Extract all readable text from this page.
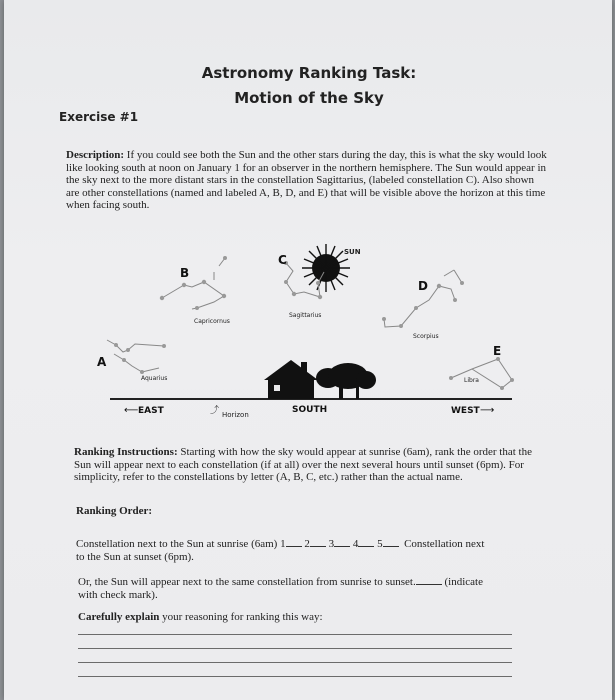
Astronomy Ranking Task:
Motion of the Sky
Exercise #1
Description: If you could see both the Sun and the other stars during the day, this is what the sky would look like looking south at noon on January 1 for an observer in the northern hemisphere. The Sun would appear in the sky next to the more distant stars in the constellation Sagittarius, (labeled constellation C). Also shown are other constellations (named and labeled A, B, D, and E) that will be visible above the horizon at this time when facing south.
SUN
B
Capricornus
C
Sagittarius
D
Scorpius
A
Aquarius
E
Libra
⟵ EAST	⤴ Horizon	SOUTH	WEST ⟶
Ranking Instructions: Starting with how the sky would appear at sunrise (6am), rank the order that the Sun will appear next to each constellation (if at all) over the next several hours until sunset (6pm). For simplicity, refer to the constellations by letter (A, B, C, etc.) rather than the actual name.
Ranking Order:
Constellation next to the Sun at sunrise (6am) 1 2 3 4 5 Constellation next
to the Sun at sunset (6pm).
Or, the Sun will appear next to the same constellation from sunrise to sunset.	(indicate
with check mark).
Carefully explain your reasoning for ranking this way:
